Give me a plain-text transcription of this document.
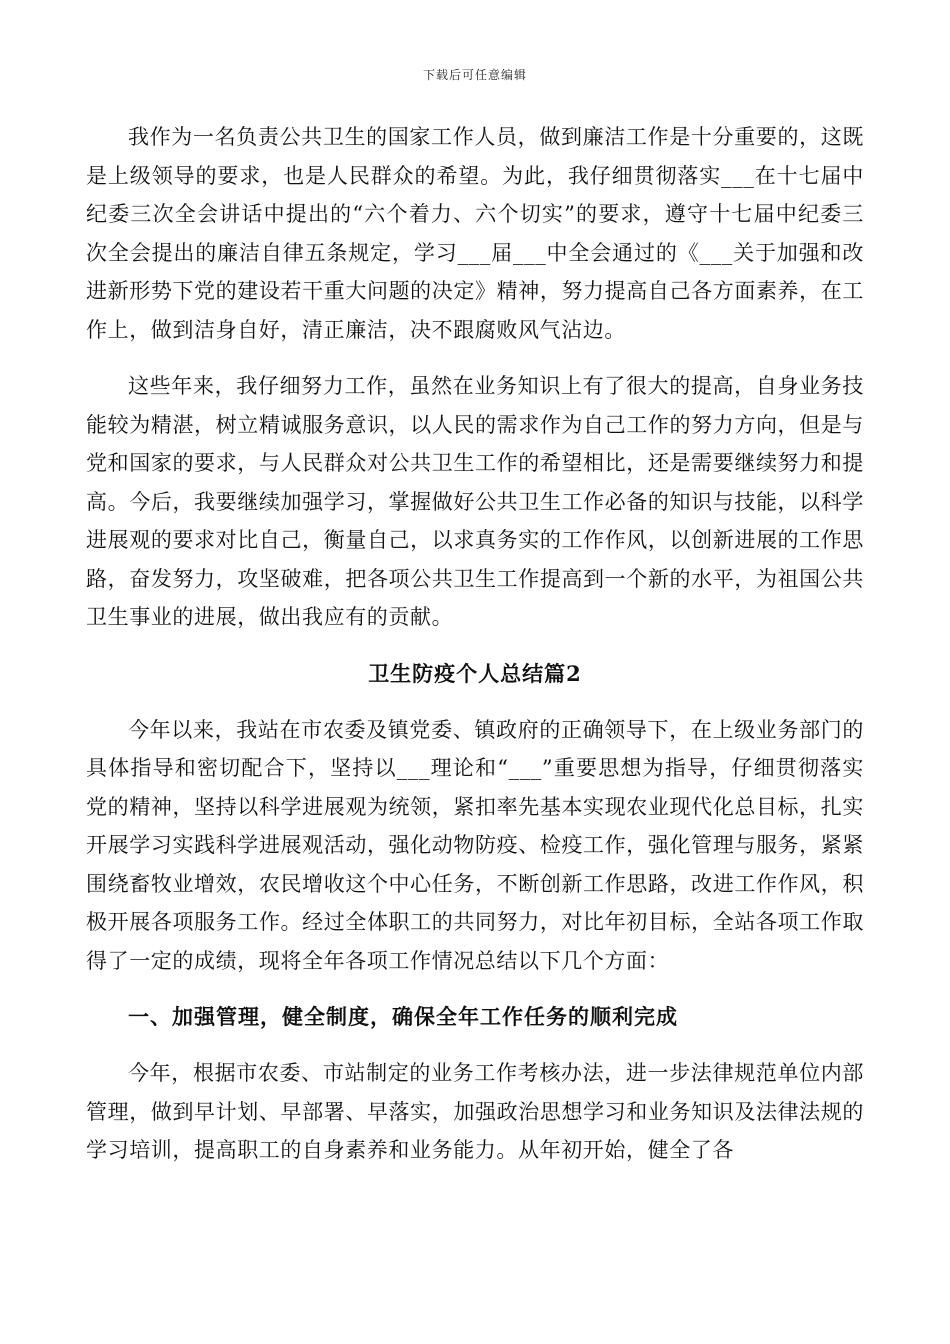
下载后可任意编辑

我作为一名负责公共卫生的国家工作人员，做到廉洁工作是十分重要的，这既是上级领导的要求，也是人民群众的希望。为此，我仔细贯彻落实___在十七届中纪委三次全会讲话中提出的“六个着力、六个切实”的要求，遵守十七届中纪委三次全会提出的廉洁自律五条规定，学习___届___中全会通过的《___关于加强和改进新形势下党的建设若干重大问题的决定》精神，努力提高自己各方面素养，在工作上，做到洁身自好，清正廉洁，决不跟腐败风气沾边。

这些年来，我仔细努力工作，虽然在业务知识上有了很大的提高，自身业务技能较为精湛，树立精诚服务意识，以人民的需求作为自己工作的努力方向，但是与党和国家的要求，与人民群众对公共卫生工作的希望相比，还是需要继续努力和提高。今后，我要继续加强学习，掌握做好公共卫生工作必备的知识与技能，以科学进展观的要求对比自己，衡量自己，以求真务实的工作作风，以创新进展的工作思路，奋发努力，攻坚破难，把各项公共卫生工作提高到一个新的水平，为祖国公共卫生事业的进展，做出我应有的贡献。

卫生防疫个人总结篇2

今年以来，我站在市农委及镇党委、镇政府的正确领导下，在上级业务部门的具体指导和密切配合下，坚持以___理论和“___”重要思想为指导，仔细贯彻落实党的精神，坚持以科学进展观为统领，紧扣率先基本实现农业现代化总目标，扎实开展学习实践科学进展观活动，强化动物防疫、检疫工作，强化管理与服务，紧紧围绕畜牧业增效，农民增收这个中心任务，不断创新工作思路，改进工作作风，积极开展各项服务工作。经过全体职工的共同努力，对比年初目标，全站各项工作取得了一定的成绩，现将全年各项工作情况总结以下几个方面：

一、加强管理，健全制度，确保全年工作任务的顺利完成

今年，根据市农委、市站制定的业务工作考核办法，进一步法律规范单位内部管理，做到早计划、早部署、早落实，加强政治思想学习和业务知识及法律法规的学习培训，提高职工的自身素养和业务能力。从年初开始，健全了各
